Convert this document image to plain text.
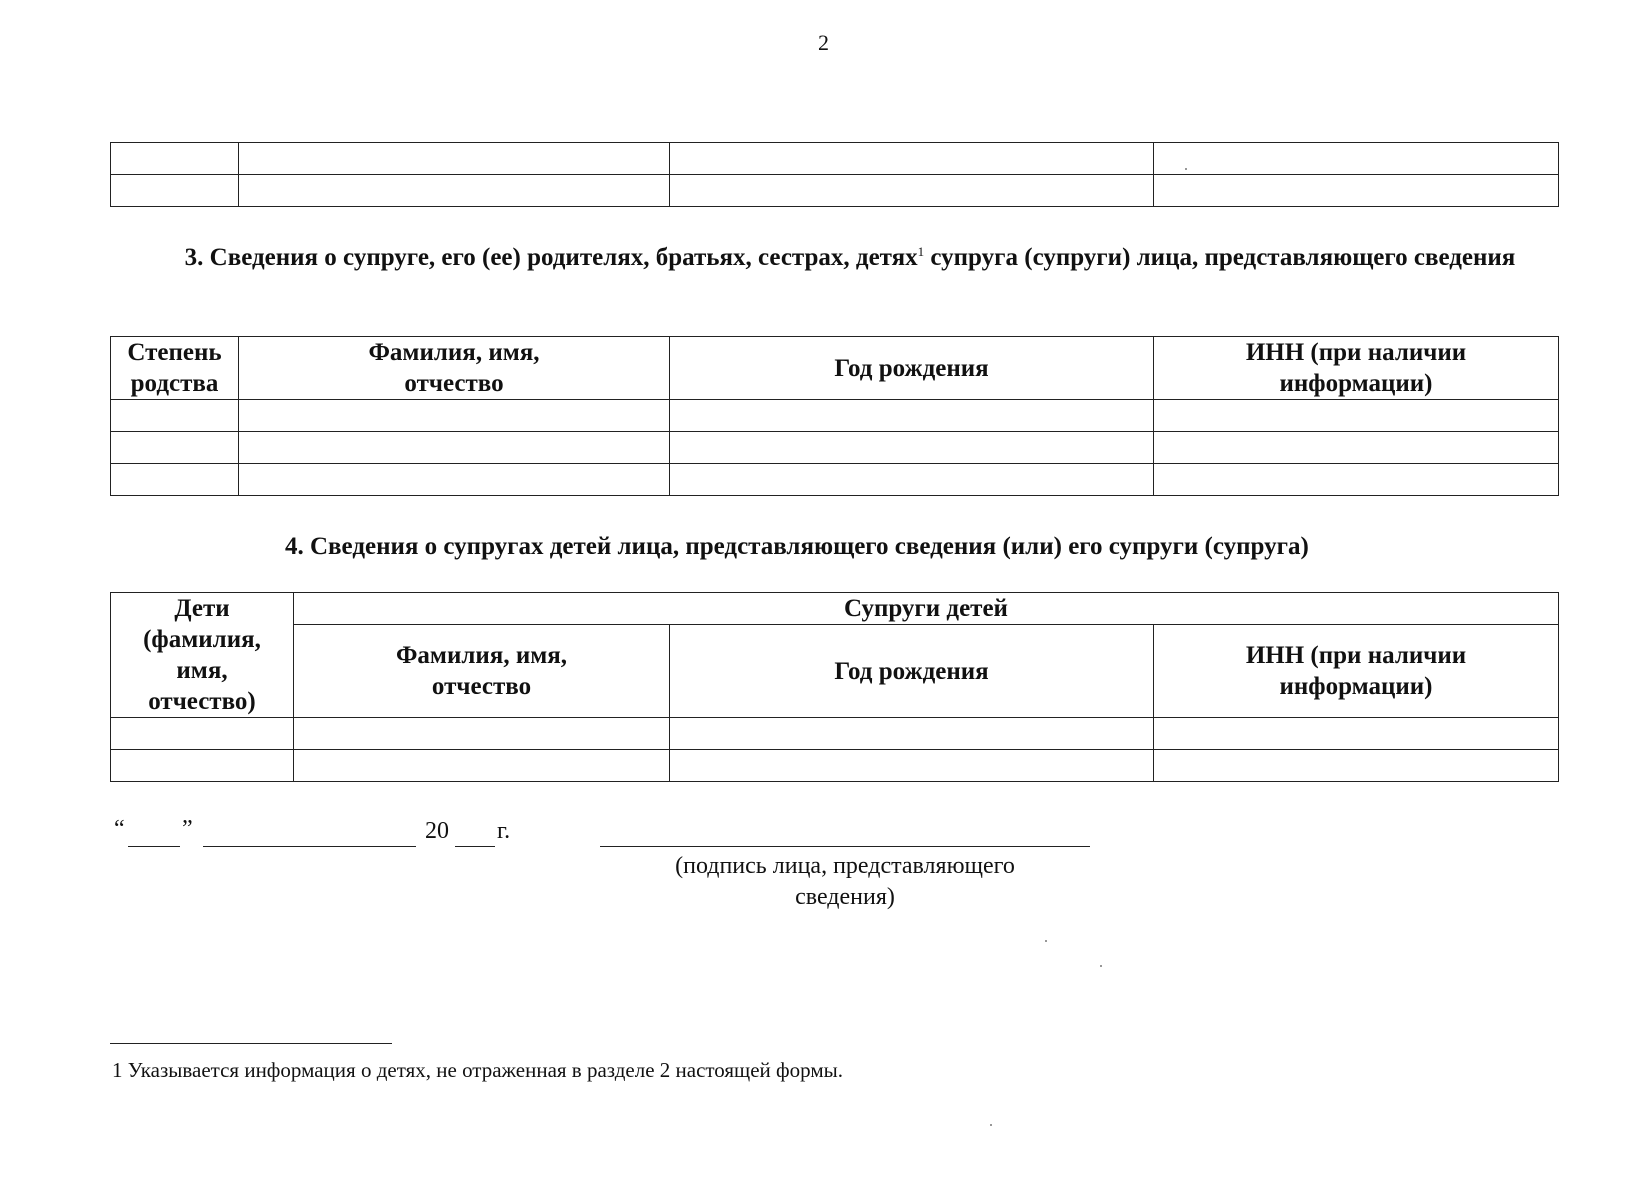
2

3. Сведения о супруге, его (ее) родителях, братьях, сестрах, детях$^1$ супруга (супруги) лица, представляющего сведения
Степень родства	Фамилия, имя, отчество	Год рождения	ИНН (при наличии информации)

4. Сведения о супругах детей лица, представляющего сведения (или) его супруги (супруга)
Дети (фамилия, имя, отчество)	Супруги детей		
	Фамилия, имя, отчество	Год рождения	ИНН (при наличии информации)

“ ”	20 г.
(подпись лица, представляющего сведения)
1 Указывается информация о детях, не отраженная в разделе 2 настоящей формы.
